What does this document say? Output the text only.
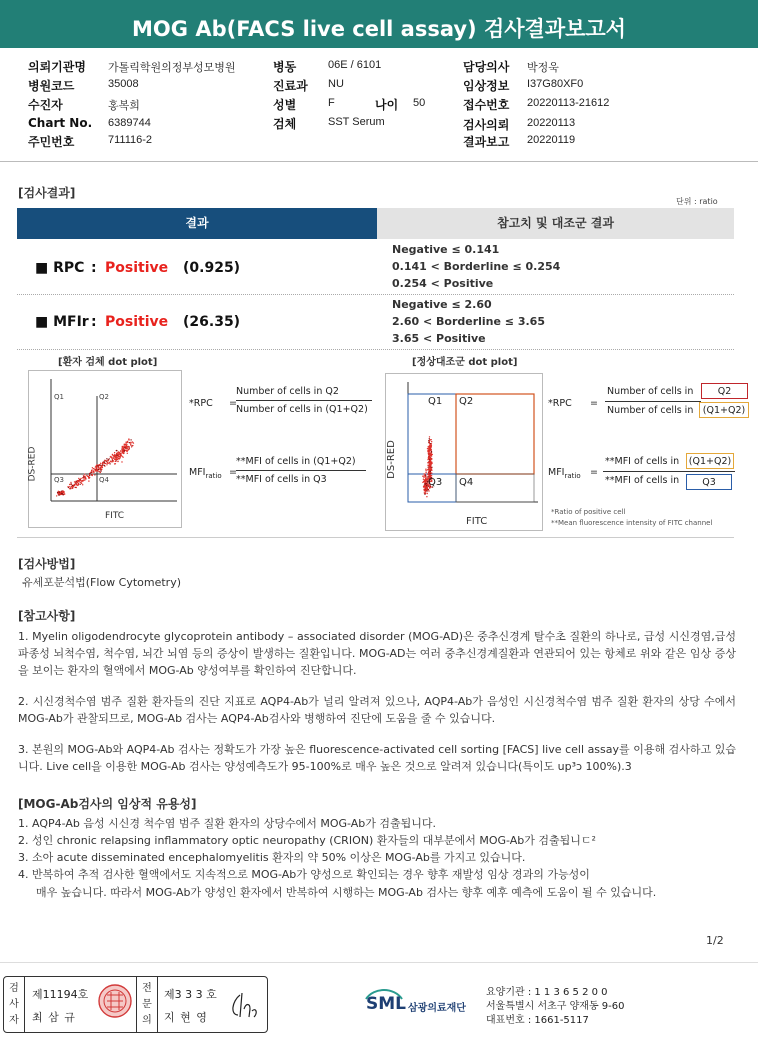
MOG Ab(FACS live cell assay) 검사결과보고서
의뢰기관명 가톨릭학원의정부성모병원
병원코드	35008
수진자	홍복희
Chart No. 6389744
주민번호	711116-2
병동	06E / 6101
진료과 NU
성별	F	나이 50
검체	SST Serum
담당의사 박정욱
임상정보 I37G80XF0
접수번호 20220113-21612
검사의뢰 20220113
결과보고 20220119
[검사결과]
단위 : ratio
결과	참고치 및 대조군 결과
■ RPC : Positive (0.925)
Negative ≤ 0.141
0.141 < Borderline ≤ 0.254
0.254 < Positive
■ MFIr : Positive (26.35)
Negative ≤ 2.60
2.60 < Borderline ≤ 3.65
3.65 < Positive
[환자 검체 dot plot]	[정상대조군 dot plot]
Q1	Q2
Q3	Q4
FITC
DS-RED
*RPC =
Number of cells in Q2
Number of cells in (Q1+Q2)
$MFI_{ratio}$ =
**MFI of cells in (Q1+Q2)
**MFI of cells in Q3
Q1 Q2
Q3 Q4
FITC
DS-RED
*RPC =
Number of cells in	Q2
Number of cells in (Q1+Q2)
$MFI_{ratio}$ =
**MFI of cells in (Q1+Q2)
**MFI of cells in	Q3
*Ratio of positive cell
**Mean fluorescence intensity of FITC channel
[검사방법]
유세포분석법(Flow Cytometry)
[참고사항]
1. Myelin oligodendrocyte glycoprotein antibody – associated disorder (MOG-AD)은 중추신경계 탈수초 질환의 하나로, 급성 시신경염,급성파종성 뇌척수염, 척수염, 뇌간 뇌염 등의 증상이 발생하는 질환입니다. MOG-AD는 여러 중추신경계질환과 연관되어 있는 항체로 위와 같은 임상 증상을 보이는 환자의 혈액에서 MOG-Ab 양성여부를 확인하여 진단합니다.
2. 시신경척수염 범주 질환 환자들의 진단 지표로 AQP4-Ab가 널리 알려져 있으나, AQP4-Ab가 음성인 시신경척수염 범주 질환 환자의 상당 수에서 MOG-Ab가 관찰되므로, MOG-Ab 검사는 AQP4-Ab검사와 병행하여 진단에 도움을 줄 수 있습니다.
3. 본원의 MOG-Ab와 AQP4-Ab 검사는 정확도가 가장 높은 fluorescence-activated cell sorting [FACS] live cell assay를 이용해 검사하고 있습니다. Live cell을 이용한 MOG-Ab 검사는 양성예측도가 95-100%로 매우 높은 것으로 알려져 있습니다(특이도 up³ↄ 100%).3
[MOG-Ab검사의 임상적 유용성]
1. AQP4-Ab 음성 시신경 척수염 범주 질환 환자의 상당수에서 MOG-Ab가 검출됩니다.
2. 성인 chronic relapsing inflammatory optic neuropathy (CRION) 환자들의 대부분에서 MOG-Ab가 검출됩니ㄷ²
3. 소아 acute disseminated encephalomyelitis 환자의 약 50% 이상은 MOG-Ab를 가지고 있습니다.
4. 반복하여 추적 검사한 혈액에서도 지속적으로 MOG-Ab가 양성으로 확인되는 경우 향후 재발성 임상 경과의 가능성이
매우 높습니다. 따라서 MOG-Ab가 양성인 환자에서 반복하여 시행하는 MOG-Ab 검사는 향후 예후 예측에 도움이 될 수 있습니다.
1/2
검
사
자
제11194호
최 삼 규
전
문
의
제3 3 3 호
지 현 영
SML 삼광의료재단
요양기관 : 1 1 3 6 5 2 0 0
서울특별시 서초구 양재동 9-60
대표번호 : 1661-5117
